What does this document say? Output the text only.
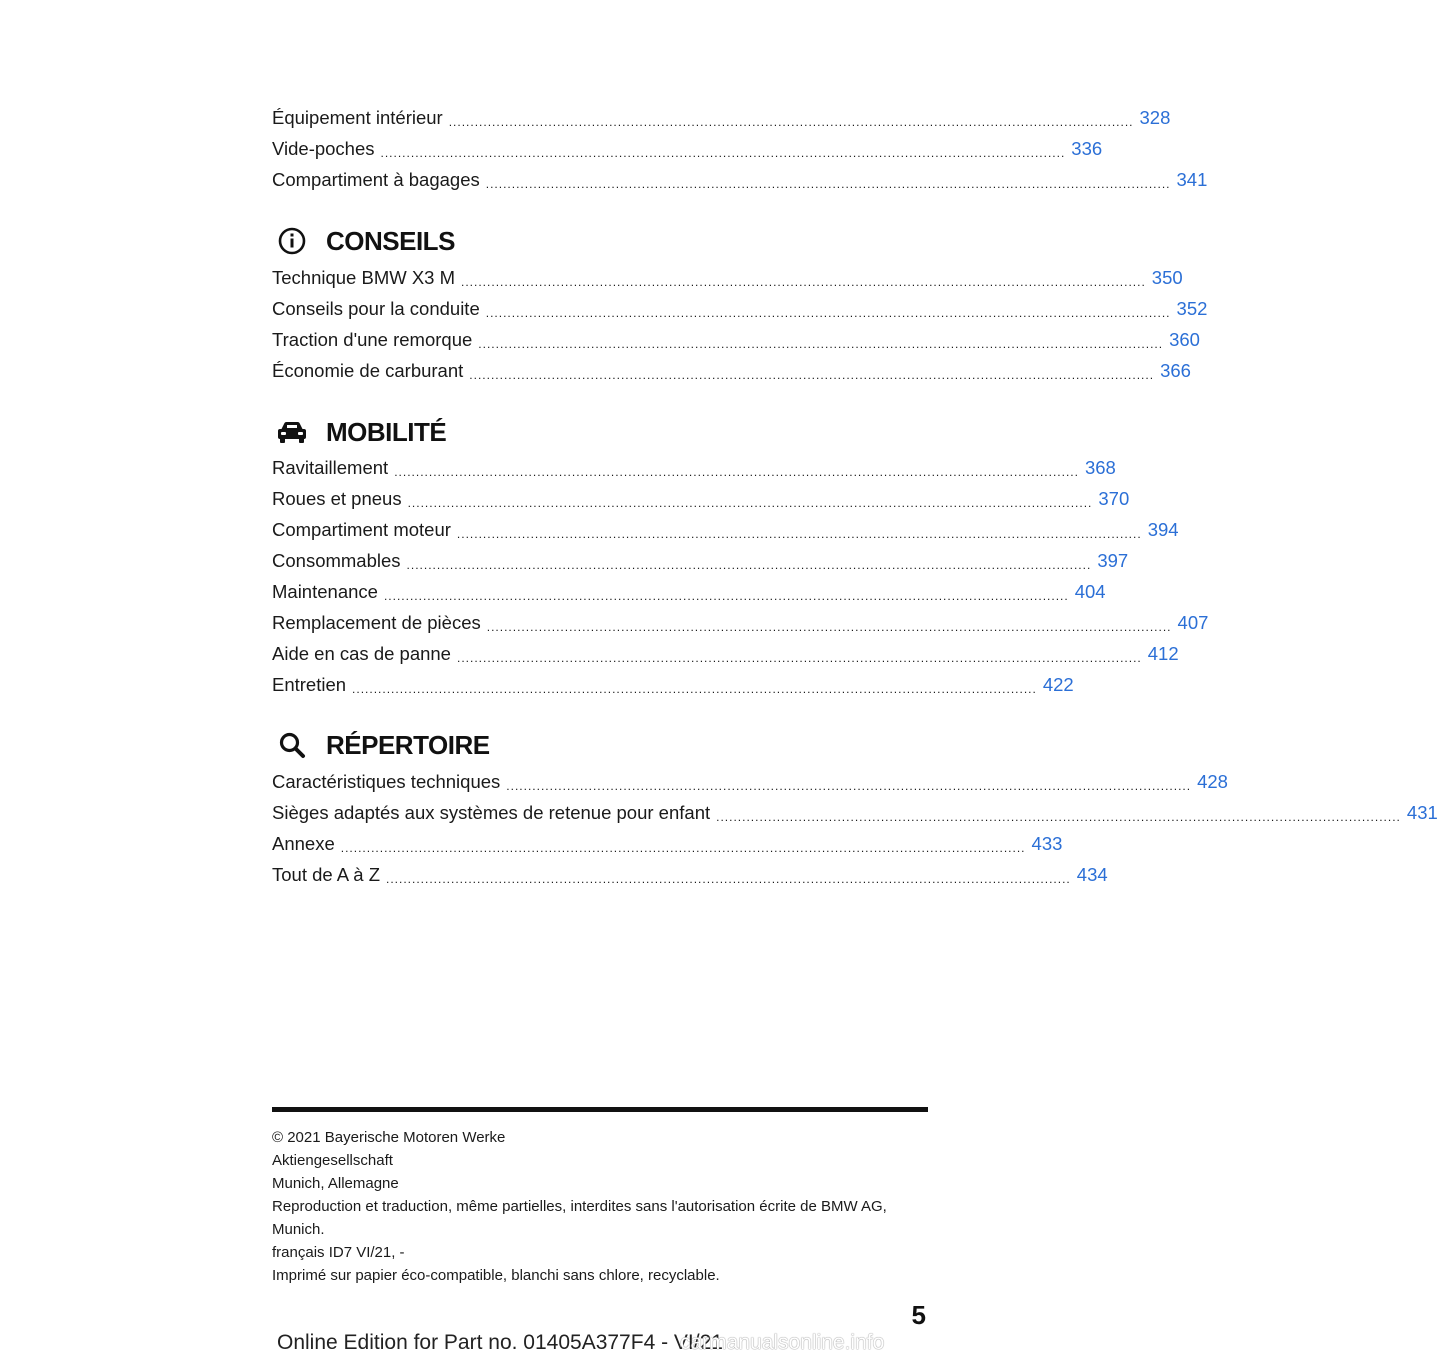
Équipement intérieur .............................................................................................................................................................. 328
Vide-poches .............................................................................................................................................................. 336
Compartiment à bagages .............................................................................................................................................................. 341
CONSEILS
Technique BMW X3 M .............................................................................................................................................................. 350
Conseils pour la conduite .............................................................................................................................................................. 352
Traction d'une remorque .............................................................................................................................................................. 360
Économie de carburant .............................................................................................................................................................. 366
MOBILITÉ
Ravitaillement .............................................................................................................................................................. 368
Roues et pneus .............................................................................................................................................................. 370
Compartiment moteur .............................................................................................................................................................. 394
Consommables .............................................................................................................................................................. 397
Maintenance .............................................................................................................................................................. 404
Remplacement de pièces .............................................................................................................................................................. 407
Aide en cas de panne .............................................................................................................................................................. 412
Entretien .............................................................................................................................................................. 422
RÉPERTOIRE
Caractéristiques techniques .............................................................................................................................................................. 428
Sièges adaptés aux systèmes de retenue pour enfant .............................................................................................................................................................. 431
Annexe .............................................................................................................................................................. 433
Tout de A à Z .............................................................................................................................................................. 434
© 2021 Bayerische Motoren Werke
Aktiengesellschaft
Munich, Allemagne
Reproduction et traduction, même partielles, interdites sans l'autorisation écrite de BMW AG,
Munich.
français ID7 VI/21, -
Imprimé sur papier éco-compatible, blanchi sans chlore, recyclable.
5
Online Edition for Part no. 01405A377F4 - VI/21
carmanualsonline.info
